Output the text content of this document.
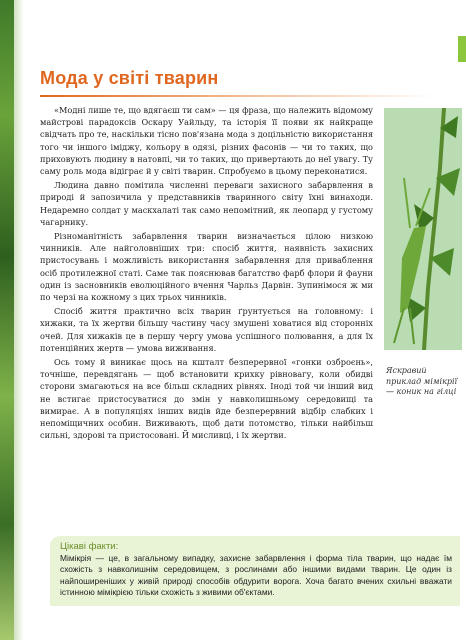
Мода у світі тварин

«Модні лише те, що вдягаєш ти сам» — ця фраза, що належить відомому майстрові парадоксів Оскару Уайльду, та історія її появи як найкраще свідчать про те, наскільки тісно пов'язана мода з доцільністю використання того чи іншого іміджу, кольору в одязі, різних фасонів — чи то таких, що приховують людину в натовпі, чи то таких, що привертають до неї увагу. Ту саму роль мода відіграє й у світі тварин. Спробуємо в цьому переконатися.

Людина давно помітила численні переваги захисного забарвлення в природі й запозичила у представників тваринного світу їхні винаходи. Недаремно солдат у маскхалаті так само непомітний, як леопард у густому чагарнику.

Різноманітність забарвлення тварин визначається цілою низкою чинників. Але найголовніших три: спосіб життя, наявність захисних пристосувань і можливість використання забарвлення для приваблення осіб протилежної статі. Саме так пояснював багатство фарб флори й фауни один із засновників еволюційного вчення Чарльз Дарвін. Зупинімося ж ми по черзі на кожному з цих трьох чинників.

Спосіб життя практично всіх тварин ґрунтується на головному: і хижаки, та їх жертви більшу частину часу змушені ховатися від сторонніх очей. Для хижаків це в першу чергу умова успішного полювання, а для їх потенційних жертв — умова виживання.

Ось тому й виникає щось на кшталт безперервної «гонки озброєнь», точніше, перевдягань — щоб встановити крихку рівновагу, коли обидві сторони змагаються на все більш складних рівнях. Іноді той чи інший вид не встигає пристосуватися до змін у навколишньому середовищі та вимирає. А в популяціях інших видів йде безперервний відбір слабких і непоміщичних особин. Виживають, щоб дати потомство, тільки найбільш сильні, здорові та пристосовані. Й мисливці, і їх жертви.

Яскравий приклад мімікрії — коник на гілці
Цікаві факти:

Мімікрія — це, в загальному випадку, захисне забарвлення і форма тіла тварин, що надає їм схожість з навколишнім середовищем, з рослинами або іншими видами тварин. Це один із найпоширеніших у живій природі способів обдурити ворога. Хоча багато вчених схильні вважати істинною мімікрією тільки схожість з живими об'єктами.
